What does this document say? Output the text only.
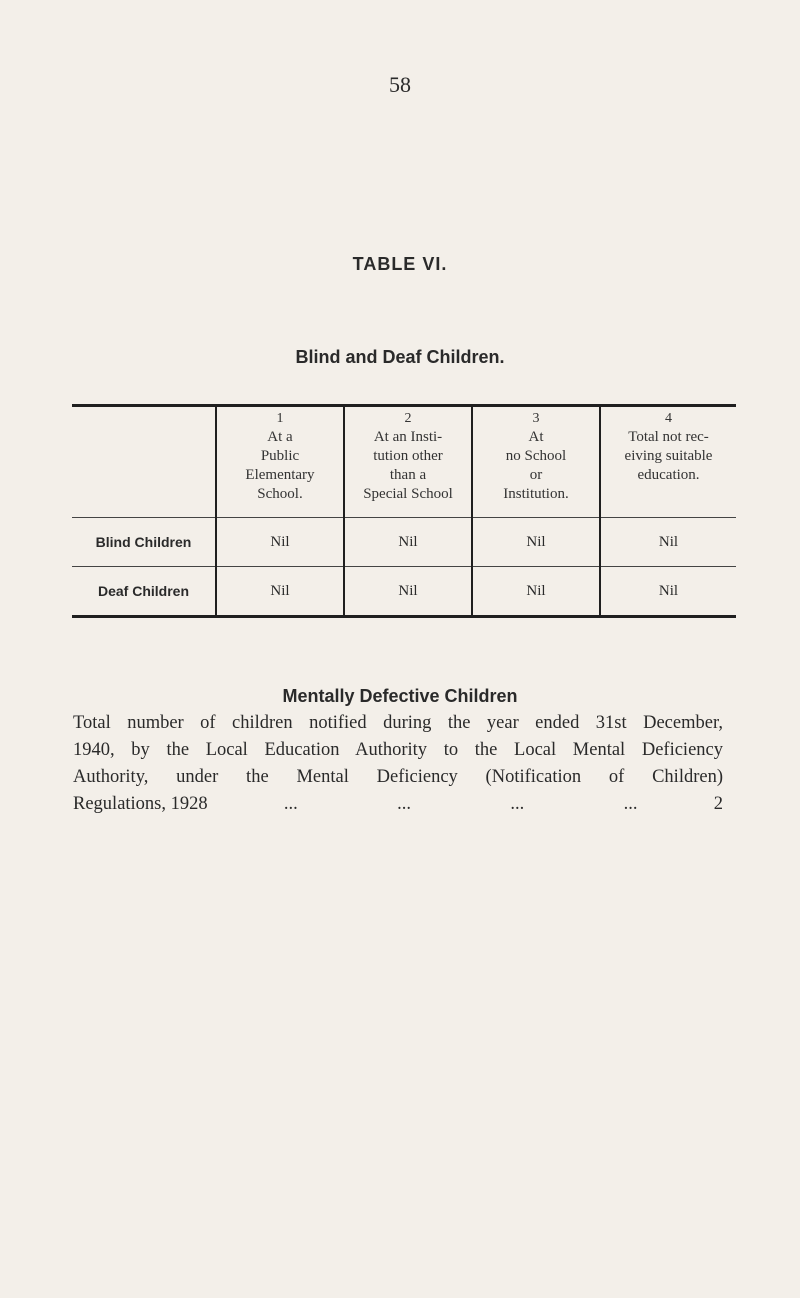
58
TABLE VI.
Blind and Deaf Children.

	1
At a
Public
Elementary
School.	2
At an Insti-
tution other
than a
Special School	3
At
no School
or
Institution.	4
Total not rec-
eiving suitable
education.

Blind Children	Nil	Nil	Nil	Nil
Deaf Children	Nil	Nil	Nil	Nil
Mentally Defective Children
Total number of children notified during the year ended 31st December,
1940, by the Local Education Authority to the Local Mental Deficiency
Authority, under the Mental Deficiency (Notification of Children)
Regulations, 1928	...	...	...	...	2
